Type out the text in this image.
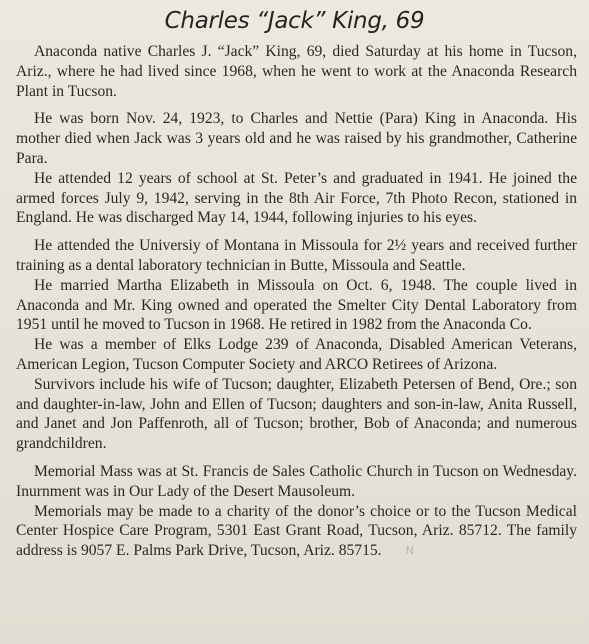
Charles “Jack” King, 69

Anaconda native Charles J. “Jack” King, 69, died Saturday at his home in Tucson, Ariz., where he had lived since 1968, when he went to work at the Anaconda Research Plant in Tucson.

He was born Nov. 24, 1923, to Charles and Nettie (Para) King in Anaconda. His mother died when Jack was 3 years old and he was raised by his grandmother, Catherine Para.

He attended 12 years of school at St. Peter’s and graduated in 1941. He joined the armed forces July 9, 1942, serving in the 8th Air Force, 7th Photo Recon, stationed in England. He was discharged May 14, 1944, following injuries to his eyes.

He attended the Universiy of Montana in Missoula for 2½ years and received further training as a dental laboratory technician in Butte, Missoula and Seattle.

He married Martha Elizabeth in Missoula on Oct. 6, 1948. The couple lived in Anaconda and Mr. King owned and operated the Smelter City Dental Laboratory from 1951 until he moved to Tucson in 1968. He retired in 1982 from the Anaconda Co.

He was a member of Elks Lodge 239 of Anaconda, Disabled American Veterans, American Legion, Tucson Computer Society and ARCO Retirees of Arizona.

Survivors include his wife of Tucson; daughter, Elizabeth Petersen of Bend, Ore.; son and daughter-in-law, John and Ellen of Tucson; daughters and son-in-law, Anita Russell, and Janet and Jon Paffenroth, all of Tucson; brother, Bob of Anaconda; and numerous grandchildren.

Memorial Mass was at St. Francis de Sales Catholic Church in Tucson on Wednesday. Inurnment was in Our Lady of the Desert Mausoleum.

Memorials may be made to a charity of the donor’s choice or to the Tucson Medical Center Hospice Care Program, 5301 East Grant Road, Tucson, Ariz. 85712. The family address is 9057 E. Palms Park Drive, Tucson, Ariz. 85715. N
